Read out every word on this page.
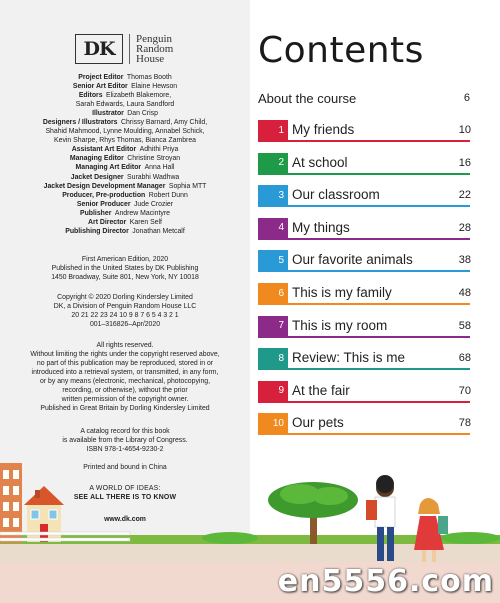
DK	Penguin
Random
House
Project Editor  Thomas Booth
Senior Art Editor  Elaine Hewson
Editors  Elizabeth Blakemore,
Sarah Edwards, Laura Sandford
Illustrator  Dan Crisp
Designers / Illustrators  Chrissy Barnard, Amy Child,
Shahid Mahmood, Lynne Moulding, Annabel Schick,
Kevin Sharpe, Rhys Thomas, Bianca Zambrea
Assistant Art Editor  Adhithi Priya
Managing Editor  Christine Stroyan
Managing Art Editor  Anna Hall
Jacket Designer  Surabhi Wadhwa
Jacket Design Development Manager  Sophia MTT
Producer, Pre-production  Robert Dunn
Senior Producer  Jude Crozier
Publisher  Andrew Macintyre
Art Director  Karen Self
Publishing Director  Jonathan Metcalf
First American Edition, 2020
Published in the United States by DK Publishing
1450 Broadway, Suite 801, New York, NY 10018
Copyright © 2020 Dorling Kindersley Limited
DK, a Division of Penguin Random House LLC
20 21 22 23 24 10 9 8 7 6 5 4 3 2 1
001–316826–Apr/2020
All rights reserved.
Without limiting the rights under the copyright reserved above,
no part of this publication may be reproduced, stored in or
introduced into a retrieval system, or transmitted, in any form,
or by any means (electronic, mechanical, photocopying,
recording, or otherwise), without the prior
written permission of the copyright owner.
Published in Great Britain by Dorling Kindersley Limited
A catalog record for this book
is available from the Library of Congress.
ISBN 978-1-4654-9230-2
Printed and bound in China
A WORLD OF IDEAS:
SEE ALL THERE IS TO KNOW
www.dk.com
Contents
About the course	6
1 My friends	10
2 At school	16
3 Our classroom	22
4 My things	28
5 Our favorite animals	38
6 This is my family	48
7 This is my room	58
8 Review: This is me	68
9 At the fair	70
10 Our pets	78
en5556.com
